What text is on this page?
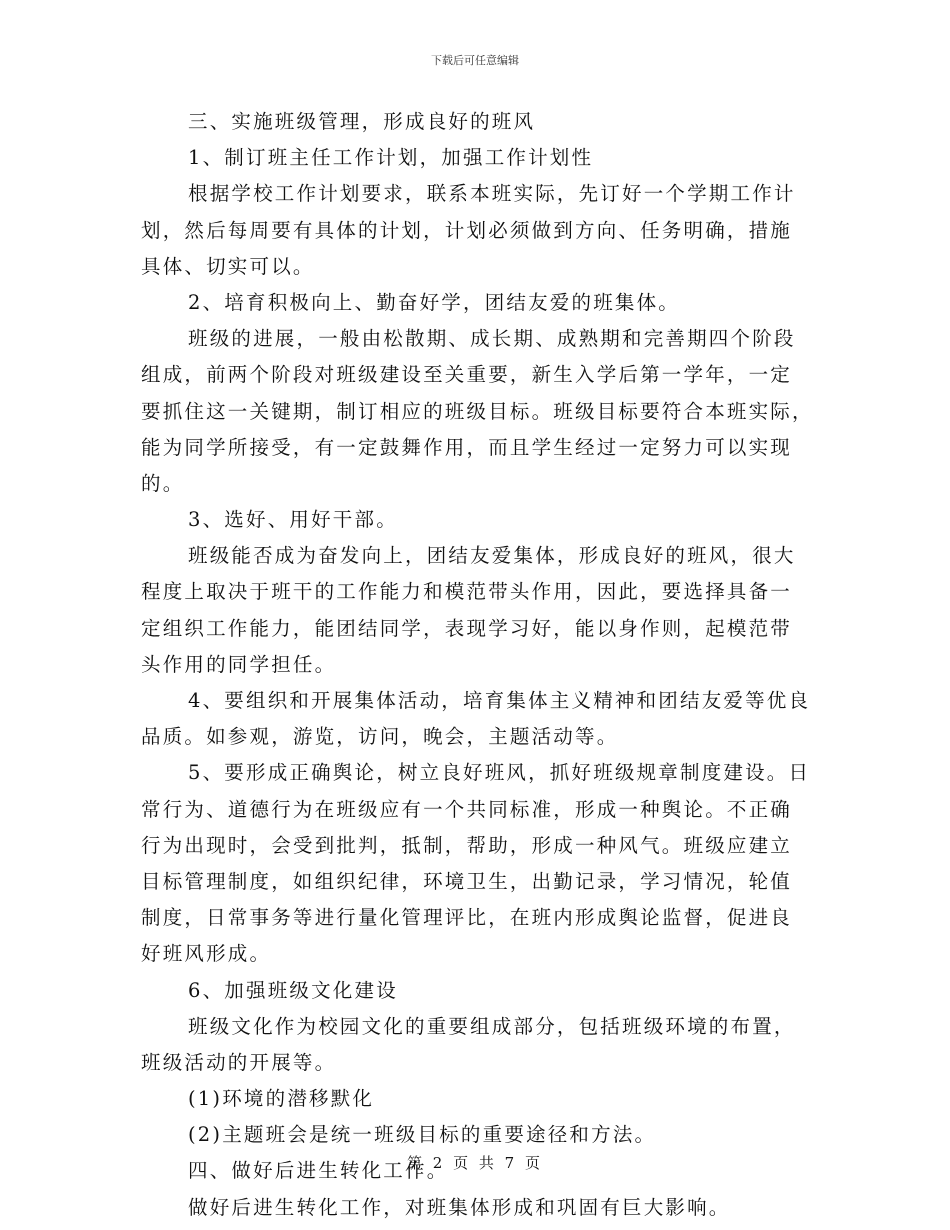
下载后可任意编辑
三、实施班级管理，形成良好的班风
1、制订班主任工作计划，加强工作计划性
根据学校工作计划要求，联系本班实际，先订好一个学期工作计
划，然后每周要有具体的计划，计划必须做到方向、任务明确，措施
具体、切实可以。
2、培育积极向上、勤奋好学，团结友爱的班集体。
班级的进展，一般由松散期、成长期、成熟期和完善期四个阶段
组成，前两个阶段对班级建设至关重要，新生入学后第一学年，一定
要抓住这一关键期，制订相应的班级目标。班级目标要符合本班实际，
能为同学所接受，有一定鼓舞作用，而且学生经过一定努力可以实现
的。
3、选好、用好干部。
班级能否成为奋发向上，团结友爱集体，形成良好的班风，很大
程度上取决于班干的工作能力和模范带头作用，因此，要选择具备一
定组织工作能力，能团结同学，表现学习好，能以身作则，起模范带
头作用的同学担任。
4、要组织和开展集体活动，培育集体主义精神和团结友爱等优良
品质。如参观，游览，访问，晚会，主题活动等。
5、要形成正确舆论，树立良好班风，抓好班级规章制度建设。日
常行为、道德行为在班级应有一个共同标准，形成一种舆论。不正确
行为出现时，会受到批判，抵制，帮助，形成一种风气。班级应建立
目标管理制度，如组织纪律，环境卫生，出勤记录，学习情况，轮值
制度，日常事务等进行量化管理评比，在班内形成舆论监督，促进良
好班风形成。
6、加强班级文化建设
班级文化作为校园文化的重要组成部分，包括班级环境的布置，
班级活动的开展等。
(1)环境的潜移默化
(2)主题班会是统一班级目标的重要途径和方法。
四、做好后进生转化工作。
做好后进生转化工作，对班集体形成和巩固有巨大影响。
第 2 页 共 7 页
